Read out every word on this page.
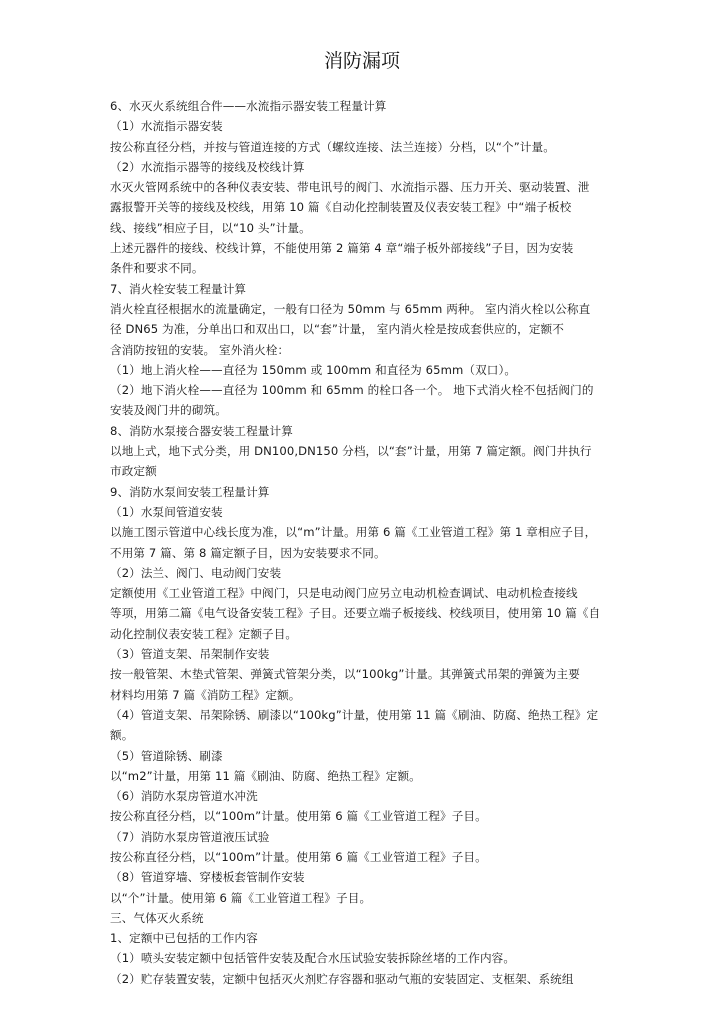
消防漏项
6、水灭火系统组合件——水流指示器安装工程量计算
（1）水流指示器安装
按公称直径分档，并按与管道连接的方式（螺纹连接、法兰连接）分档，以“个”计量。
（2）水流指示器等的接线及校线计算
水灭火管网系统中的各种仪表安装、带电讯号的阀门、水流指示器、压力开关、驱动装置、泄
露报警开关等的接线及校线，用第 10 篇《自动化控制装置及仪表安装工程》中“端子板校
线、接线”相应子目，以“10 头”计量。
上述元器件的接线、校线计算，不能使用第 2 篇第 4 章“端子板外部接线”子目，因为安装
条件和要求不同。
7、消火栓安装工程量计算
消火栓直径根据水的流量确定，一般有口径为 50mm 与 65mm 两种。 室内消火栓以公称直
径 DN65 为准，分单出口和双出口，以“套”计量， 室内消火栓是按成套供应的，定额不
含消防按钮的安装。 室外消火栓：
（1）地上消火栓——直径为 150mm 或 100mm 和直径为 65mm（双口）。
（2）地下消火栓——直径为 100mm 和 65mm 的栓口各一个。 地下式消火栓不包括阀门的
安装及阀门井的砌筑。
8、消防水泵接合器安装工程量计算
以地上式，地下式分类，用 DN100,DN150 分档，以“套”计量，用第 7 篇定额。阀门井执行
市政定额
9、消防水泵间安装工程量计算
（1）水泵间管道安装
以施工图示管道中心线长度为准，以“m”计量。用第 6 篇《工业管道工程》第 1 章相应子目，
不用第 7 篇、第 8 篇定额子目，因为安装要求不同。
（2）法兰、阀门、电动阀门安装
定额使用《工业管道工程》中阀门，只是电动阀门应另立电动机检查调试、电动机检查接线
等项，用第二篇《电气设备安装工程》子目。还要立端子板接线、校线项目，使用第 10 篇《自
动化控制仪表安装工程》定额子目。
（3）管道支架、吊架制作安装
按一般管架、木垫式管架、弹簧式管架分类，以“100kg”计量。其弹簧式吊架的弹簧为主要
材料均用第 7 篇《消防工程》定额。
（4）管道支架、吊架除锈、刷漆以“100kg”计量，使用第 11 篇《刷油、防腐、绝热工程》定
额。
（5）管道除锈、刷漆
以“m2”计量，用第 11 篇《刷油、防腐、绝热工程》定额。
（6）消防水泵房管道水冲洗
按公称直径分档，以“100m”计量。使用第 6 篇《工业管道工程》子目。
（7）消防水泵房管道液压试验
按公称直径分档，以“100m”计量。使用第 6 篇《工业管道工程》子目。
（8）管道穿墙、穿楼板套管制作安装
以“个”计量。使用第 6 篇《工业管道工程》子目。
三、气体灭火系统
1、定额中已包括的工作内容
（1）喷头安装定额中包括管件安装及配合水压试验安装拆除丝堵的工作内容。
（2）贮存装置安装，定额中包括灭火剂贮存容器和驱动气瓶的安装固定、支框架、系统组
